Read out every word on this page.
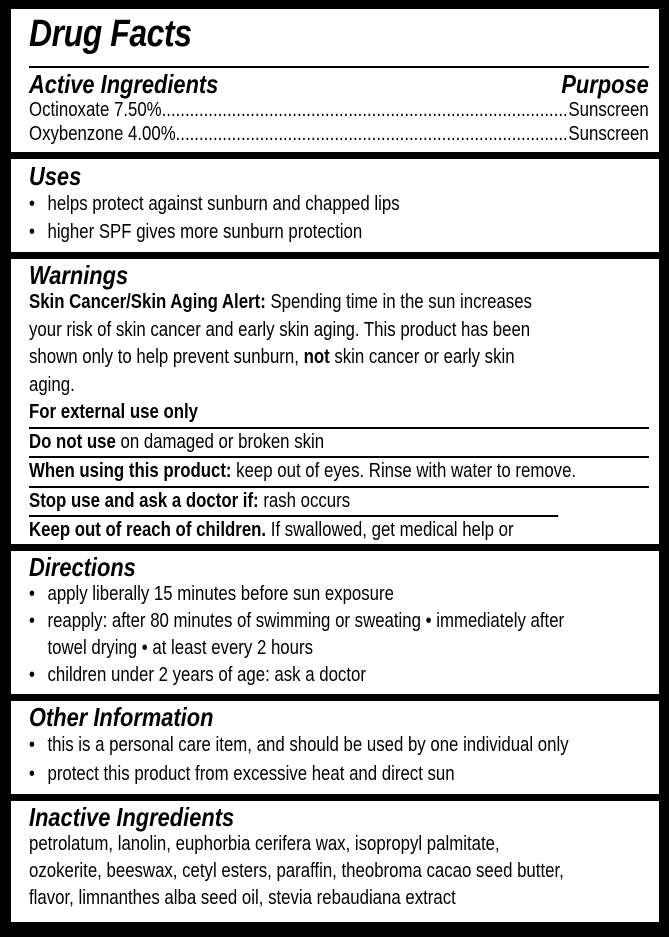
Drug Facts
Active Ingredients	Purpose
Octinoxate 7.50% .....	Sunscreen
Oxybenzone 4.00% .....	Sunscreen
Uses
• helps protect against sunburn and chapped lips
• higher SPF gives more sunburn protection
Warnings
Skin Cancer/Skin Aging Alert: Spending time in the sun increases your risk of skin cancer and early skin aging. This product has been shown only to help prevent sunburn, not skin cancer or early skin aging.
For external use only
Do not use on damaged or broken skin
When using this product: keep out of eyes. Rinse with water to remove.
Stop use and ask a doctor if: rash occurs
Keep out of reach of children. If swallowed, get medical help or
Directions
• apply liberally 15 minutes before sun exposure
• reapply: after 80 minutes of swimming or sweating • immediately after towel drying • at least every 2 hours
• children under 2 years of age: ask a doctor
Other Information
• this is a personal care item, and should be used by one individual only
• protect this product from excessive heat and direct sun
Inactive Ingredients
petrolatum, lanolin, euphorbia cerifera wax, isopropyl palmitate, ozokerite, beeswax, cetyl esters, paraffin, theobroma cacao seed butter, flavor, limnanthes alba seed oil, stevia rebaudiana extract
